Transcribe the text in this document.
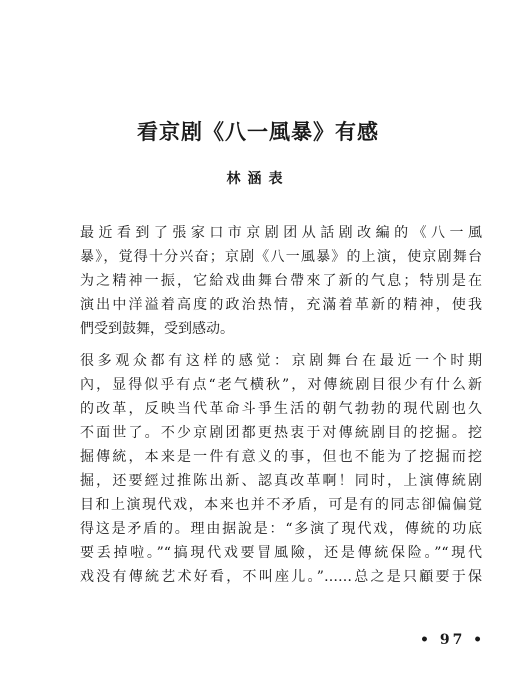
看京剧《八一風暴》有感
林涵表
最近看到了張家口市京剧团从話剧改編的《八一風
暴》，覚得十分兴奋；京剧《八一風暴》的上演，使京剧舞台
为之精神一振，它給戏曲舞台帶來了新的气息；特別是在
演出中洋溢着高度的政治热情，充滿着革新的精神，使我
們受到鼓舞，受到感动。
很多观众都有这样的感觉：京剧舞台在最近一个时期
內，显得似乎有点“老气横秋”，对傳統剧目很少有什么新
的改革，反映当代革命斗爭生活的朝气勃勃的現代剧也久
不面世了。不少京剧团都更热衷于对傳統剧目的挖掘。挖
掘傳統，本来是一件有意义的事，但也不能为了挖掘而挖
掘，还要經过推陈出新、認真改革啊！同时，上演傳統剧
目和上演現代戏，本来也并不矛盾，可是有的同志卻偏偏覚
得这是矛盾的。理由据說是：“多演了現代戏，傳統的功底
要丢掉啦。”“搞現代戏要冒風險，还是傳統保险。”“現代
戏没有傳統艺术好看，不叫座儿。”……总之是只顧要于保
• 97 •
